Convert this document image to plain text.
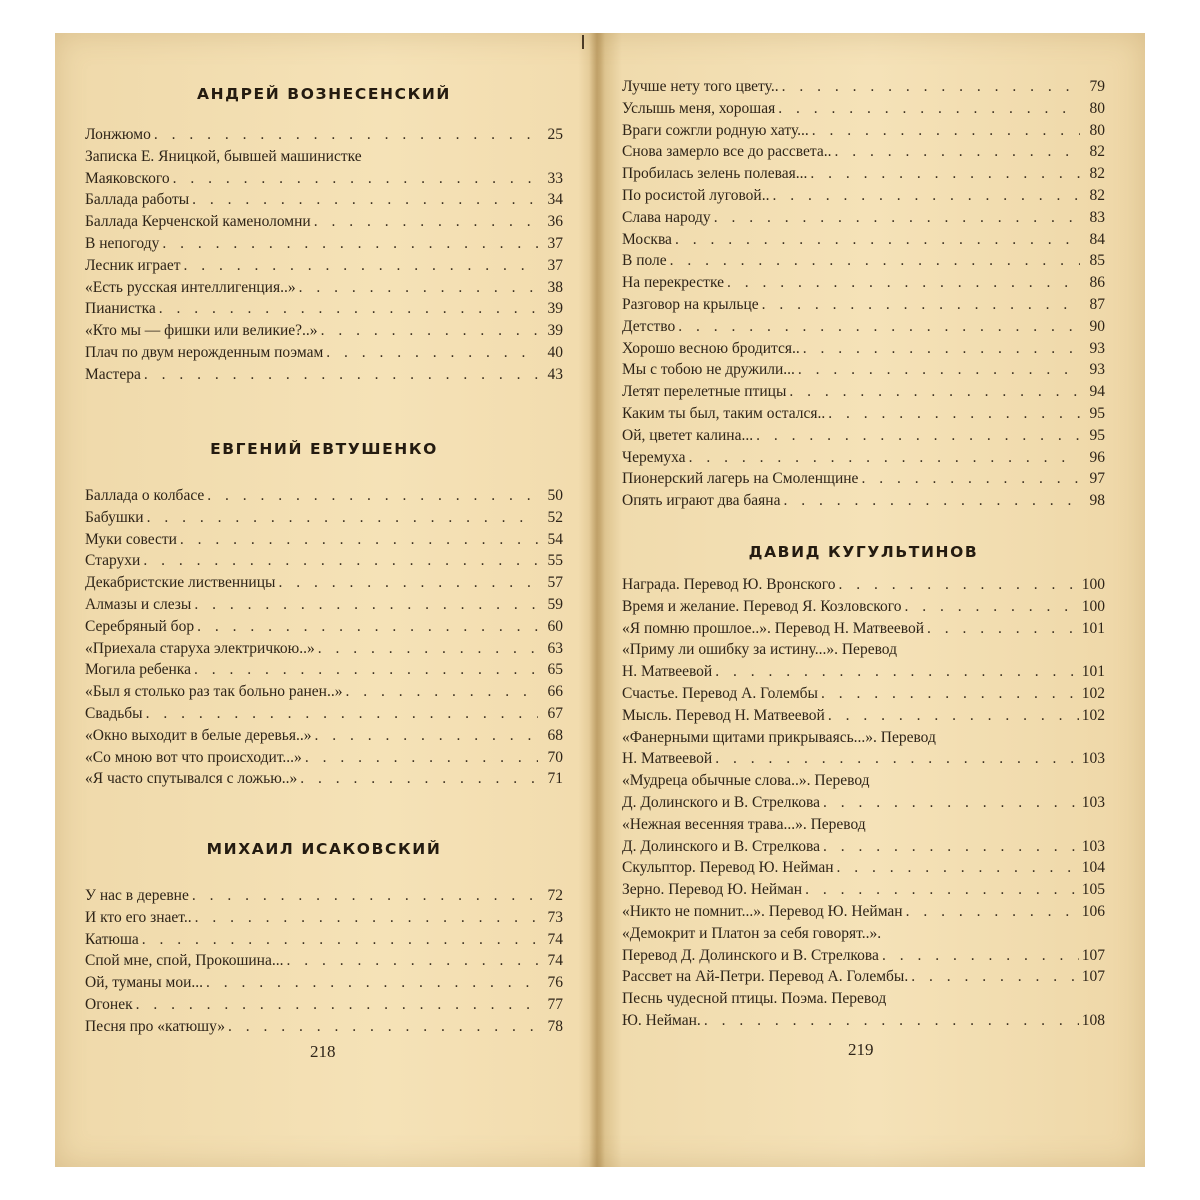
АНДРЕЙ ВОЗНЕСЕНСКИЙ
Лонжюмо . . .	25
Записка Е. Яницкой, бывшей машинистке
Маяковского . . .	33
Баллада работы . . .	34
Баллада Керченской каменоломни . . .	36
В непогоду . . .	37
Лесник играет . . .	37
«Есть русская интеллигенция..» . . .	38
Пианистка . . .	39
«Кто мы — фишки или великие?..» . . .	39
Плач по двум нерожденным поэмам . . .	40
Мастера . . .	43
ЕВГЕНИЙ ЕВТУШЕНКО
Баллада о колбасе . . .	50
Бабушки . . .	52
Муки совести . . .	54
Старухи . . .	55
Декабристские лиственницы . . .	57
Алмазы и слезы . . .	59
Серебряный бор . . .	60
«Приехала старуха электричкою..» . . .	63
Могила ребенка . . .	65
«Был я столько раз так больно ранен..» . . .	66
Свадьбы . . .	67
«Окно выходит в белые деревья..» . . .	68
«Со мною вот что происходит...» . . .	70
«Я часто спутывался с ложью..» . . .	71
МИХАИЛ ИСАКОВСКИЙ
У нас в деревне . . .	72
И кто его знает.. . . .	73
Катюша . . .	74
Спой мне, спой, Прокошина... . . .	74
Ой, туманы мои... . . .	76
Огонек . . .	77
Песня про «катюшу» . . .	78
218
Лучше нету того цвету.. . . .	79
Услышь меня, хорошая . . .	80
Враги сожгли родную хату... . . .	80
Снова замерло все до рассвета.. . . .	82
Пробилась зелень полевая... . . .	82
По росистой луговой.. . . .	82
Слава народу . . .	83
Москва . . .	84
В поле . . .	85
На перекрестке . . .	86
Разговор на крыльце . . .	87
Детство . . .	90
Хорошо весною бродится.. . . .	93
Мы с тобою не дружили... . . .	93
Летят перелетные птицы . . .	94
Каким ты был, таким остался.. . . .	95
Ой, цветет калина... . . .	95
Черемуха . . .	96
Пионерский лагерь на Смоленщине . . .	97
Опять играют два баяна . . .	98
ДАВИД КУГУЛЬТИНОВ
Награда. Перевод Ю. Вронского . . .	100
Время и желание. Перевод Я. Козловского . . .	100
«Я помню прошлое..». Перевод Н. Матвеевой . . .	101
«Приму ли ошибку за истину...». Перевод
Н. Матвеевой . . .	101
Счастье. Перевод А. Голембы . . .	102
Мысль. Перевод Н. Матвеевой . . .	102
«Фанерными щитами прикрываясь...». Перевод
Н. Матвеевой . . .	103
«Мудреца обычные слова..». Перевод
Д. Долинского и В. Стрелкова . . .	103
«Нежная весенняя трава...». Перевод
Д. Долинского и В. Стрелкова . . .	103
Скульптор. Перевод Ю. Нейман . . .	104
Зерно. Перевод Ю. Нейман . . .	105
«Никто не помнит...». Перевод Ю. Нейман . . .	106
«Демокрит и Платон за себя говорят..».
Перевод Д. Долинского и В. Стрелкова . . .	107
Рассвет на Ай-Петри. Перевод А. Голембы. . . .	107
Песнь чудесной птицы. Поэма. Перевод
Ю. Нейман. . . .	108
219
